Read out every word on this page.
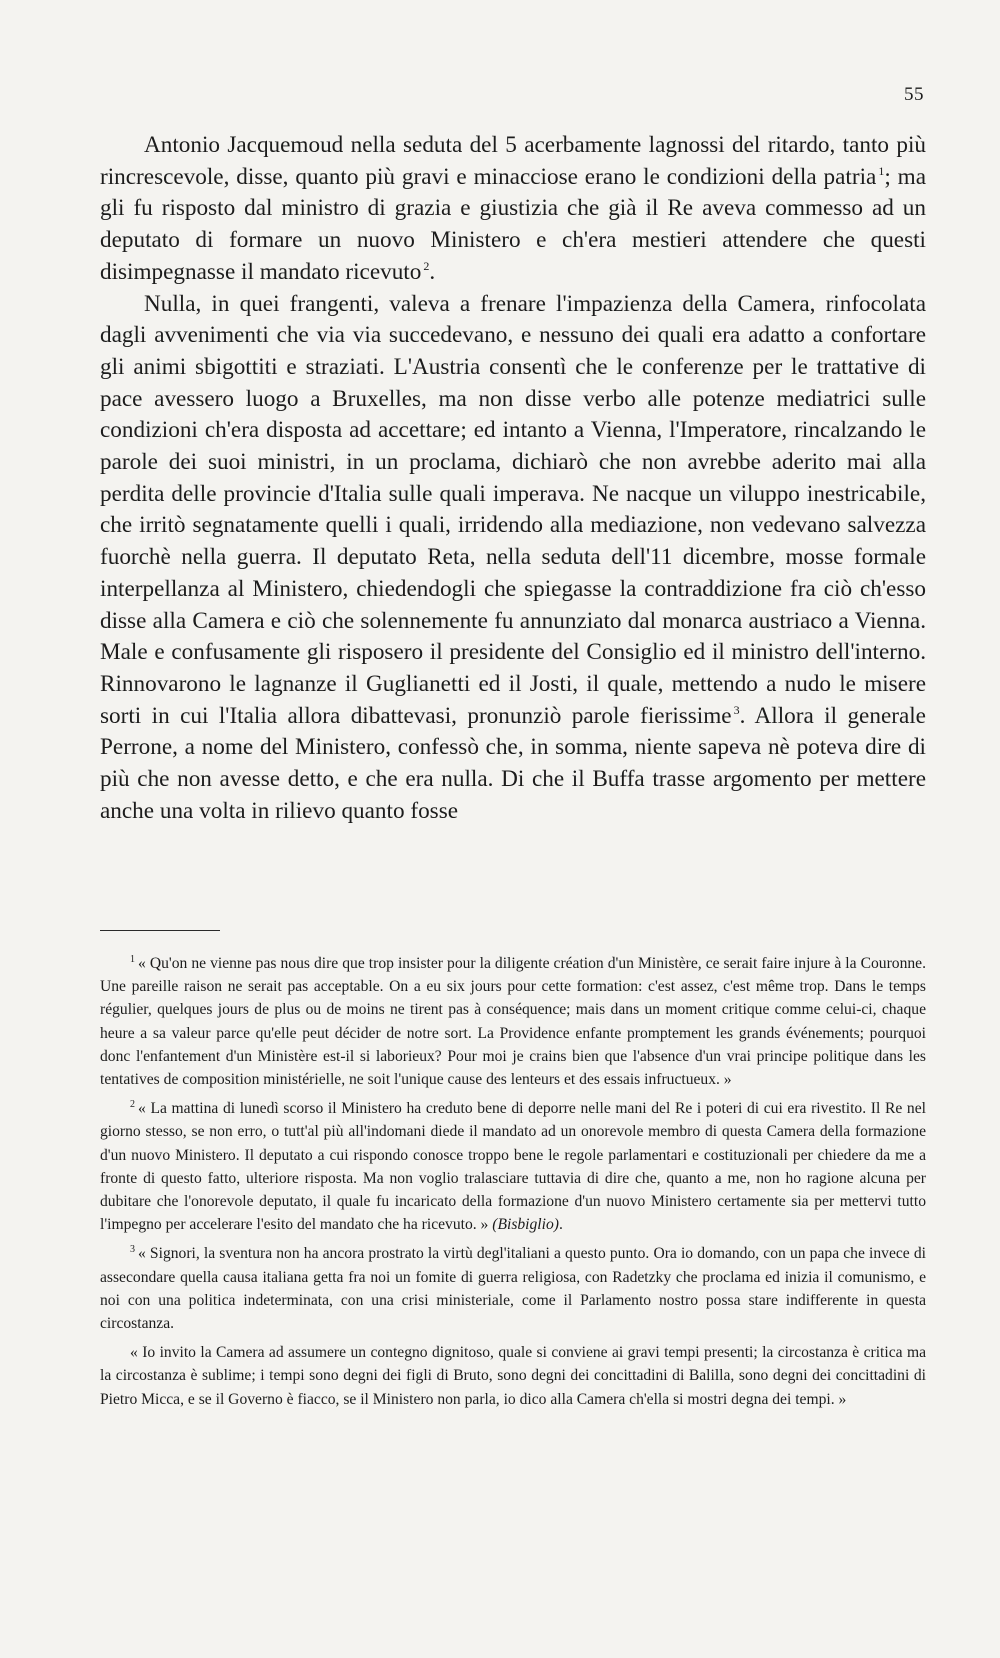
55

Antonio Jacquemoud nella seduta del 5 acerbamente lagnossi del ritardo, tanto più rincrescevole, disse, quanto più gravi e minacciose erano le condizioni della patria $^1$; ma gli fu risposto dal ministro di grazia e giustizia che già il Re aveva commesso ad un deputato di formare un nuovo Ministero e ch'era mestieri attendere che questi disimpegnasse il mandato ricevuto $^2$.

Nulla, in quei frangenti, valeva a frenare l'impazienza della Camera, rinfocolata dagli avvenimenti che via via succedevano, e nessuno dei quali era adatto a confortare gli animi sbigottiti e straziati. L'Austria consentì che le conferenze per le trattative di pace avessero luogo a Bruxelles, ma non disse verbo alle potenze mediatrici sulle condizioni ch'era disposta ad accettare; ed intanto a Vienna, l'Imperatore, rincalzando le parole dei suoi ministri, in un proclama, dichiarò che non avrebbe aderito mai alla perdita delle provincie d'Italia sulle quali imperava. Ne nacque un viluppo inestricabile, che irritò segnatamente quelli i quali, irridendo alla mediazione, non vedevano salvezza fuorchè nella guerra. Il deputato Reta, nella seduta dell'11 dicembre, mosse formale interpellanza al Ministero, chiedendogli che spiegasse la contraddizione fra ciò ch'esso disse alla Camera e ciò che solennemente fu annunziato dal monarca austriaco a Vienna. Male e confusamente gli risposero il presidente del Consiglio ed il ministro dell'interno. Rinnovarono le lagnanze il Guglianetti ed il Josti, il quale, mettendo a nudo le misere sorti in cui l'Italia allora dibattevasi, pronunziò parole fierissime $^3$. Allora il generale Perrone, a nome del Ministero, confessò che, in somma, niente sapeva nè poteva dire di più che non avesse detto, e che era nulla. Di che il Buffa trasse argomento per mettere anche una volta in rilievo quanto fosse

$^1$ « Qu'on ne vienne pas nous dire que trop insister pour la diligente création d'un Ministère, ce serait faire injure à la Couronne. Une pareille raison ne serait pas acceptable. On a eu six jours pour cette formation: c'est assez, c'est même trop. Dans le temps régulier, quelques jours de plus ou de moins ne tirent pas à conséquence; mais dans un moment critique comme celui-ci, chaque heure a sa valeur parce qu'elle peut décider de notre sort. La Providence enfante promptement les grands événements; pourquoi donc l'enfantement d'un Ministère est-il si laborieux? Pour moi je crains bien que l'absence d'un vrai principe politique dans les tentatives de composition ministérielle, ne soit l'unique cause des lenteurs et des essais infructueux. »

$^2$ « La mattina di lunedì scorso il Ministero ha creduto bene di deporre nelle mani del Re i poteri di cui era rivestito. Il Re nel giorno stesso, se non erro, o tutt'al più all'indomani diede il mandato ad un onorevole membro di questa Camera della formazione d'un nuovo Ministero. Il deputato a cui rispondo conosce troppo bene le regole parlamentari e costituzionali per chiedere da me a fronte di questo fatto, ulteriore risposta. Ma non voglio tralasciare tuttavia di dire che, quanto a me, non ho ragione alcuna per dubitare che l'onorevole deputato, il quale fu incaricato della formazione d'un nuovo Ministero certamente sia per mettervi tutto l'impegno per accelerare l'esito del mandato che ha ricevuto. » (Bisbiglio).

$^3$ « Signori, la sventura non ha ancora prostrato la virtù degl'italiani a questo punto. Ora io domando, con un papa che invece di assecondare quella causa italiana getta fra noi un fomite di guerra religiosa, con Radetzky che proclama ed inizia il comunismo, e noi con una politica indeterminata, con una crisi ministeriale, come il Parlamento nostro possa stare indifferente in questa circostanza.

« Io invito la Camera ad assumere un contegno dignitoso, quale si conviene ai gravi tempi presenti; la circostanza è critica ma la circostanza è sublime; i tempi sono degni dei figli di Bruto, sono degni dei concittadini di Balilla, sono degni dei concittadini di Pietro Micca, e se il Governo è fiacco, se il Ministero non parla, io dico alla Camera ch'ella si mostri degna dei tempi. »
